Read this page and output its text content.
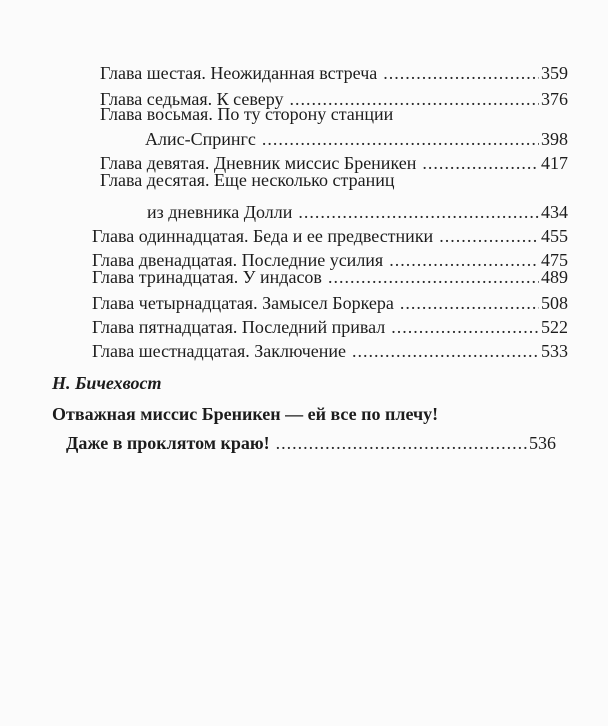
Глава шестая. Неожиданная встреча .....	359
Глава седьмая. К северу .....	376
Глава восьмая. По ту сторону станции
Алис-Спрингс .....	398
Глава девятая. Дневник миссис Бреникен .....	417
Глава десятая. Еще несколько страниц
из дневника Долли .....	434
Глава одиннадцатая. Беда и ее предвестники .....	455
Глава двенадцатая. Последние усилия .....	475
Глава тринадцатая. У индасов .....	489
Глава четырнадцатая. Замысел Боркера .....	508
Глава пятнадцатая. Последний привал .....	522
Глава шестнадцатая. Заключение .....	533
Н. Бичехвост
Отважная миссис Бреникен — ей все по плечу!
Даже в проклятом краю! .....	536
